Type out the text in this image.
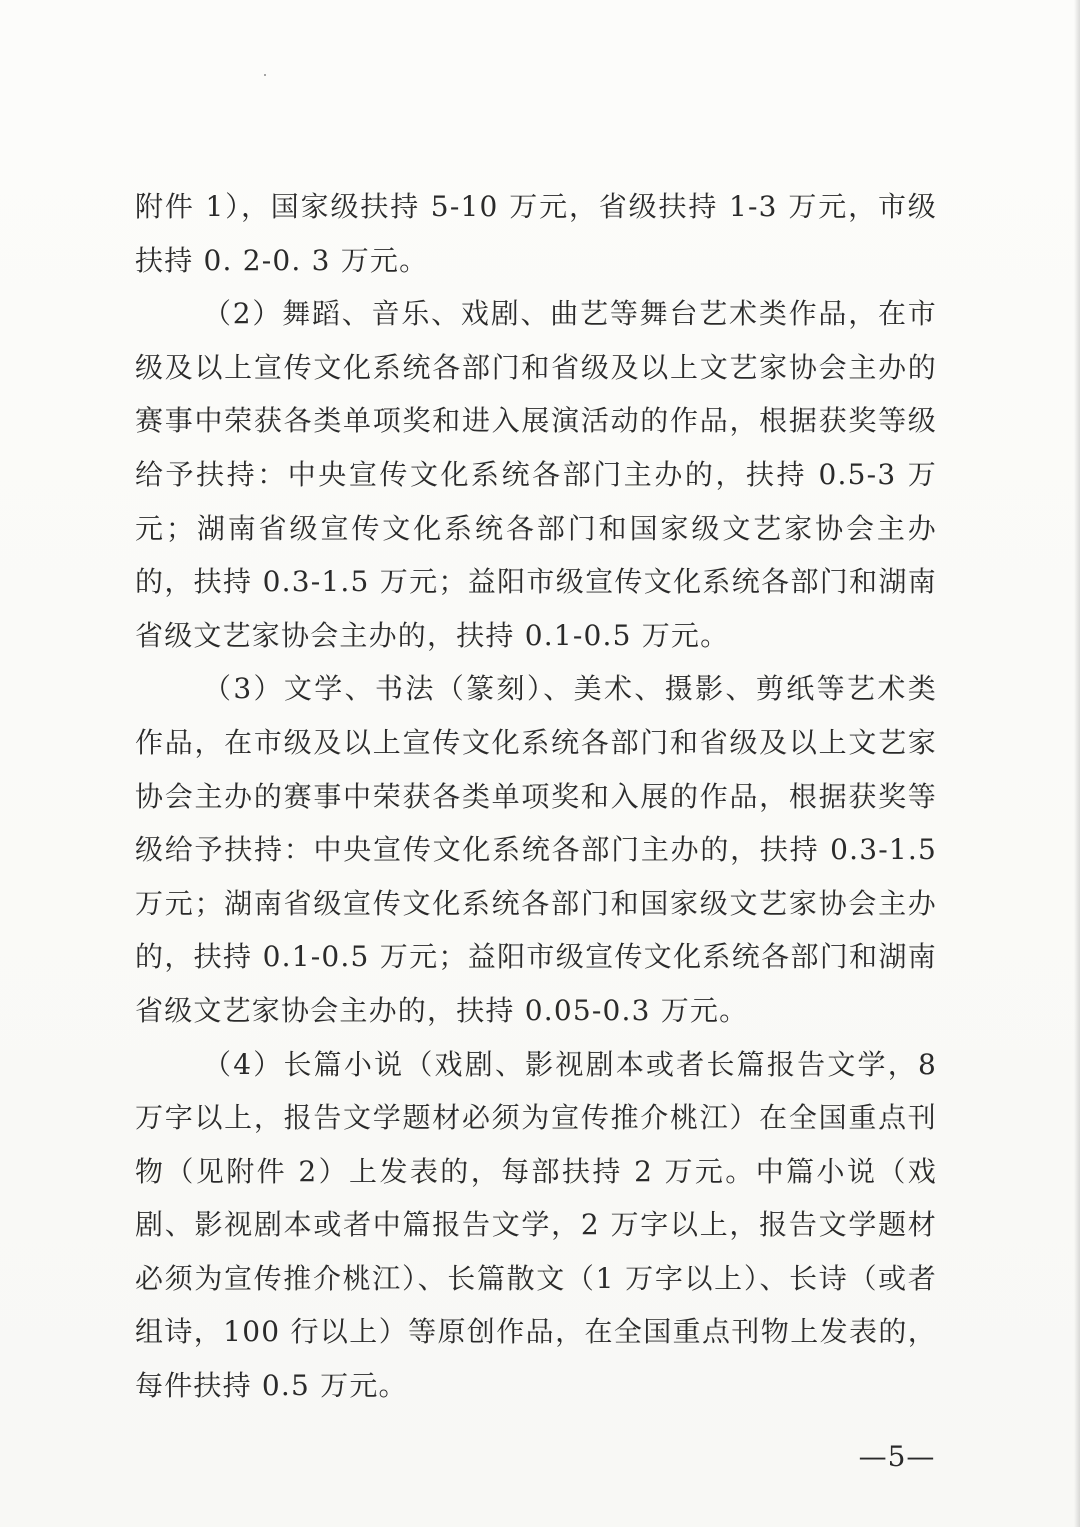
附件 1），国家级扶持 5-10 万元，省级扶持 1-3 万元，市级扶持 0. 2-0. 3 万元。

（2）舞蹈、音乐、戏剧、曲艺等舞台艺术类作品，在市级及以上宣传文化系统各部门和省级及以上文艺家协会主办的赛事中荣获各类单项奖和进入展演活动的作品，根据获奖等级给予扶持：中央宣传文化系统各部门主办的，扶持 0.5-3 万元；湖南省级宣传文化系统各部门和国家级文艺家协会主办的，扶持 0.3-1.5 万元；益阳市级宣传文化系统各部门和湖南省级文艺家协会主办的，扶持 0.1-0.5 万元。

（3）文学、书法（篆刻）、美术、摄影、剪纸等艺术类作品，在市级及以上宣传文化系统各部门和省级及以上文艺家协会主办的赛事中荣获各类单项奖和入展的作品，根据获奖等级给予扶持：中央宣传文化系统各部门主办的，扶持 0.3-1.5 万元；湖南省级宣传文化系统各部门和国家级文艺家协会主办的，扶持 0.1-0.5 万元；益阳市级宣传文化系统各部门和湖南省级文艺家协会主办的，扶持 0.05-0.3 万元。

（4）长篇小说（戏剧、影视剧本或者长篇报告文学，8 万字以上，报告文学题材必须为宣传推介桃江）在全国重点刊物（见附件 2）上发表的，每部扶持 2 万元。中篇小说（戏剧、影视剧本或者中篇报告文学，2 万字以上，报告文学题材必须为宣传推介桃江）、长篇散文（1 万字以上）、长诗（或者组诗，100 行以上）等原创作品，在全国重点刊物上发表的，每件扶持 0.5 万元。

—5—
